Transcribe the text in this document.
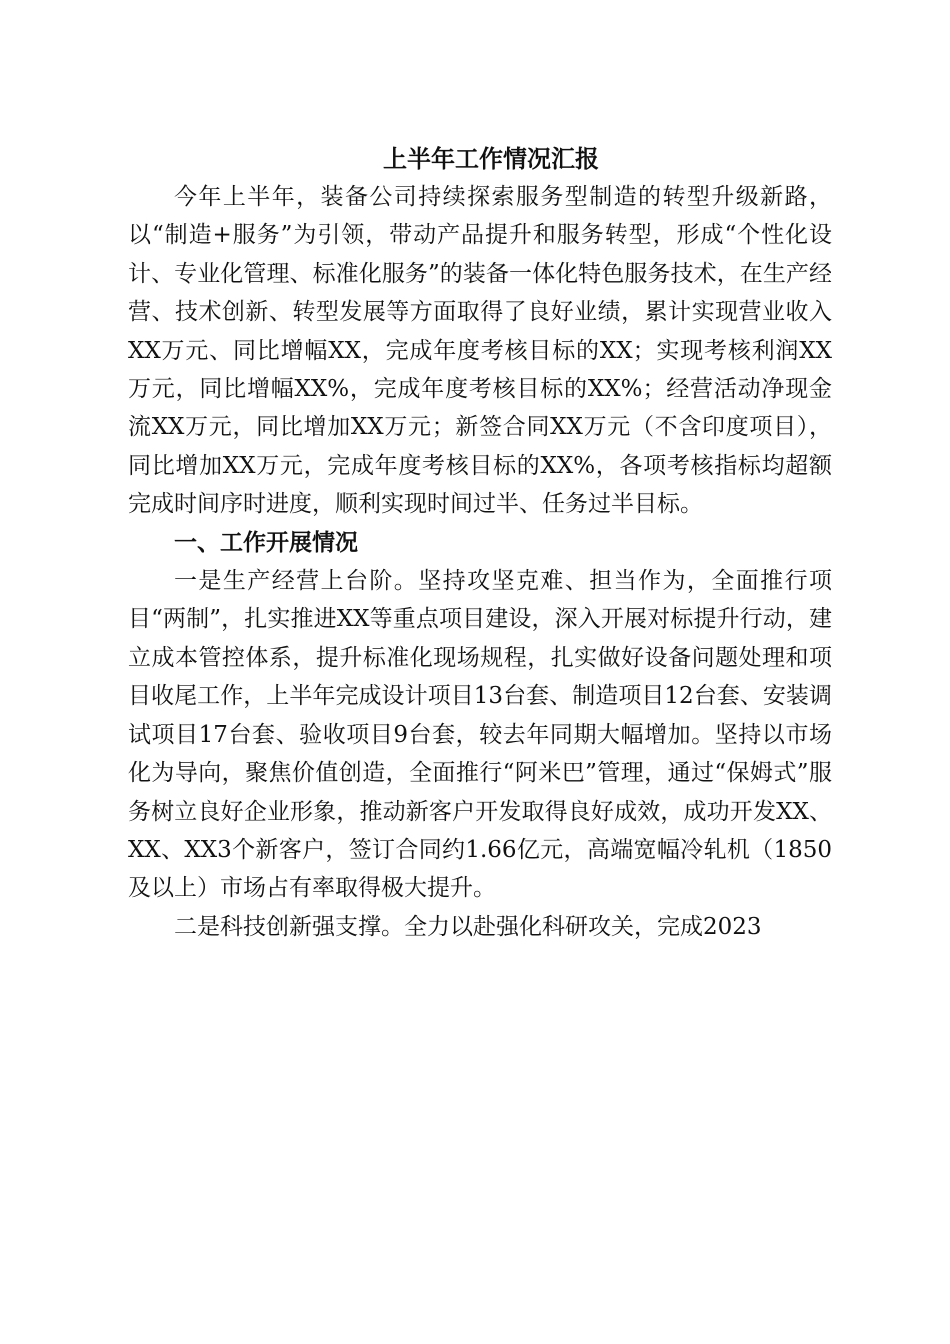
上半年工作情况汇报

今年上半年，装备公司持续探索服务型制造的转型升级新路，以“制造+服务”为引领，带动产品提升和服务转型，形成“个性化设计、专业化管理、标准化服务”的装备一体化特色服务技术，在生产经营、技术创新、转型发展等方面取得了良好业绩，累计实现营业收入XX万元、同比增幅XX，完成年度考核目标的XX；实现考核利润XX万元，同比增幅XX%，完成年度考核目标的XX%；经营活动净现金流XX万元，同比增加XX万元；新签合同XX万元（不含印度项目），同比增加XX万元，完成年度考核目标的XX%，各项考核指标均超额完成时间序时进度，顺利实现时间过半、任务过半目标。

一、工作开展情况

一是生产经营上台阶。坚持攻坚克难、担当作为，全面推行项目“两制”，扎实推进XX等重点项目建设，深入开展对标提升行动，建立成本管控体系，提升标准化现场规程，扎实做好设备问题处理和项目收尾工作，上半年完成设计项目13台套、制造项目12台套、安装调试项目17台套、验收项目9台套，较去年同期大幅增加。坚持以市场化为导向，聚焦价值创造，全面推行“阿米巴”管理，通过“保姆式”服务树立良好企业形象，推动新客户开发取得良好成效，成功开发XX、XX、XX3个新客户，签订合同约1.66亿元，高端宽幅冷轧机（1850及以上）市场占有率取得极大提升。

二是科技创新强支撑。全力以赴强化科研攻关，完成2023
